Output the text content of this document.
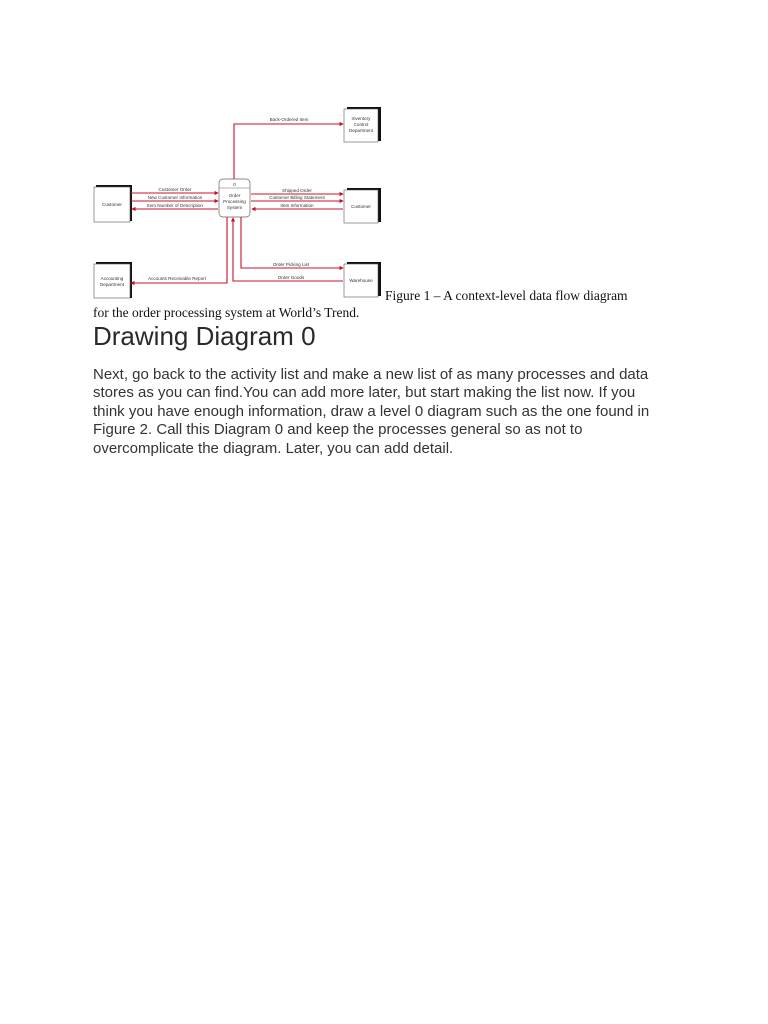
Inventory
Control
Department
Customer	Customer
Accounting
Department
Warehouse
0
Order
Processing
System
Back-Ordered Item
Customer Order
New Customer Information
Item Number of Description
Shipped Order
Customer Billing Statement
Item Information
Order Picking List
Order Goods
Accounts Receivable Report
Figure 1 – A context-level data flow diagram
for the order processing system at World’s Trend.
Drawing Diagram 0

Next, go back to the activity list and make a new list of as many processes and data stores as you can find.You can add more later, but start making the list now. If you think you have enough information, draw a level 0 diagram such as the one found in Figure 2. Call this Diagram 0 and keep the processes general so as not to overcomplicate the diagram. Later, you can add detail.
